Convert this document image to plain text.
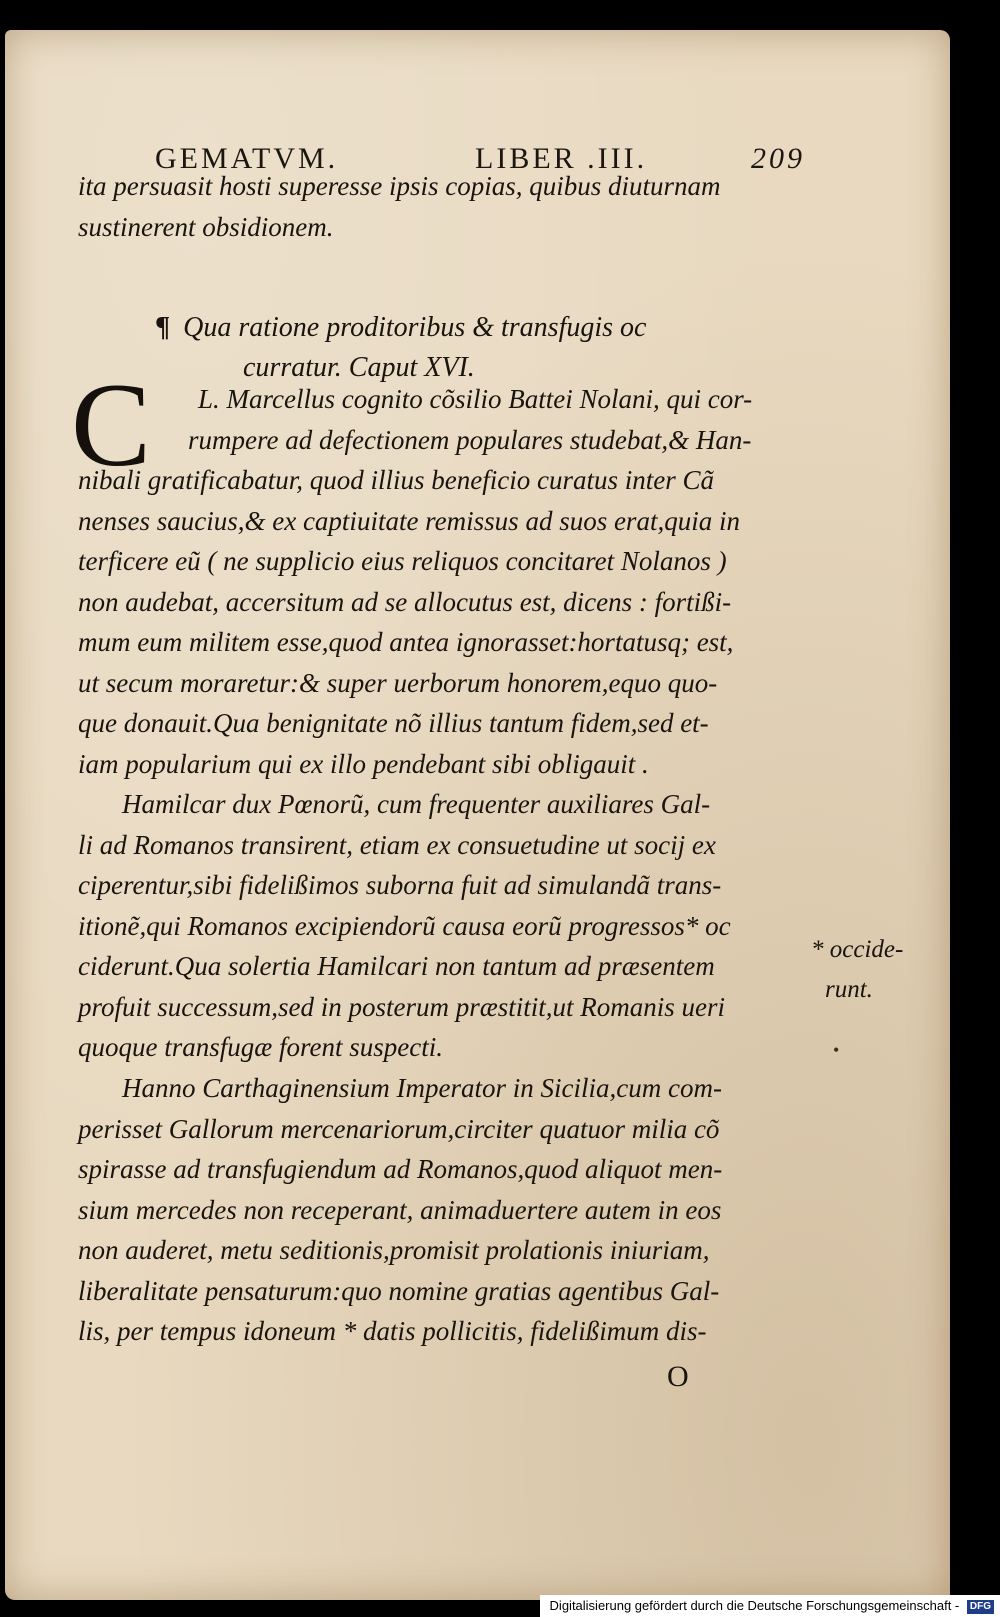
GEMATVM.	LIBER .III.	209
ita persuasit hosti superesse ipsis copias, quibus diuturnam
sustinerent obsidionem.
¶ Qua ratione proditoribus & transfugis oc
curratur. Caput XVI.
C	L. Marcellus cognito cõsilio Battei Nolani, qui cor-
rumpere ad defectionem populares studebat,& Han-
nibali gratificabatur, quod illius beneficio curatus inter Cã
nenses saucius,& ex captiuitate remissus ad suos erat,quia in
terficere eũ ( ne supplicio eius reliquos concitaret Nolanos )
non audebat, accersitum ad se allocutus est, dicens : fortißi-
mum eum militem esse,quod antea ignorasset:hortatusq; est,
ut secum moraretur:& super uerborum honorem,equo quo-
que donauit.Qua benignitate nõ illius tantum fidem,sed et-
iam popularium qui ex illo pendebant sibi obligauit .
Hamilcar dux Pœnorũ, cum frequenter auxiliares Gal-
li ad Romanos transirent, etiam ex consuetudine ut socij ex
ciperentur,sibi fidelißimos suborna fuit ad simulandã trans-
itionẽ,qui Romanos excipiendorũ causa eorũ progressos* oc
ciderunt.Qua solertia Hamilcari non tantum ad præsentem
profuit successum,sed in posterum præstitit,ut Romanis ueri
quoque transfugæ forent suspecti.
Hanno Carthaginensium Imperator in Sicilia,cum com-
perisset Gallorum mercenariorum,circiter quatuor milia cõ
spirasse ad transfugiendum ad Romanos,quod aliquot men-
sium mercedes non receperant, animaduertere autem in eos
non auderet, metu seditionis,promisit prolationis iniuriam,
liberalitate pensaturum:quo nomine gratias agentibus Gal-
lis, per tempus idoneum * datis pollicitis, fidelißimum dis-
* occide-
runt.
•
O
Digitalisierung gefördert durch die Deutsche Forschungsgemeinschaft - DFG
